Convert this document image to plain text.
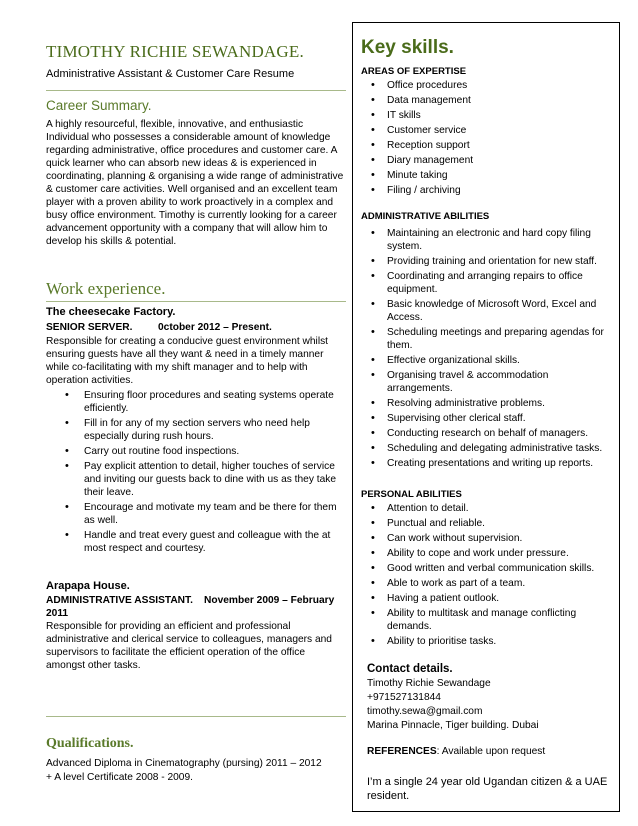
TIMOTHY RICHIE SEWANDAGE.
Administrative Assistant & Customer Care Resume
Career Summary.
A highly resourceful, flexible, innovative, and enthusiastic Individual who possesses a considerable amount of knowledge regarding administrative, office procedures and customer care. A quick learner who can absorb new ideas & is experienced in coordinating, planning & organising a wide range of administrative & customer care activities. Well organised and an excellent team player with a proven ability to work proactively in a complex and busy office environment. Timothy is currently looking for a career advancement opportunity with a company that will allow him to develop his skills & potential.
Work experience.
The cheesecake Factory.
SENIOR SERVER.	0ctober 2012 – Present.
Responsible for creating a conducive guest environment whilst ensuring guests have all they want & need in a timely manner while co-facilitating with my shift manager and to help with operation activities.
• Ensuring floor procedures and seating systems operate efficiently.
• Fill in for any of my section servers who need help especially during rush hours.
• Carry out routine food inspections.
• Pay explicit attention to detail, higher touches of service and inviting our guests back to dine with us as they take their leave.
• Encourage and motivate my team and be there for them as well.
• Handle and treat every guest and colleague with the at most respect and courtesy.
Arapapa House.
ADMINISTRATIVE ASSISTANT.	November 2009 – February 2011
Responsible for providing an efficient and professional administrative and clerical service to colleagues, managers and supervisors to facilitate the efficient operation of the office amongst other tasks.
Qualifications.
Advanced Diploma in Cinematography (pursing) 2011 – 2012
+ A level Certificate 2008 - 2009.
Key skills.
AREAS OF EXPERTISE
• Office procedures
• Data management
• IT skills
• Customer service
• Reception support
• Diary management
• Minute taking
• Filing / archiving
ADMINISTRATIVE ABILITIES
• Maintaining an electronic and hard copy filing system.
• Providing training and orientation for new staff.
• Coordinating and arranging repairs to office equipment.
• Basic knowledge of Microsoft Word, Excel and Access.
• Scheduling meetings and preparing agendas for them.
• Effective organizational skills.
• Organising travel & accommodation arrangements.
• Resolving administrative problems.
• Supervising other clerical staff.
• Conducting research on behalf of managers.
• Scheduling and delegating administrative tasks.
• Creating presentations and writing up reports.
PERSONAL ABILITIES
• Attention to detail.
• Punctual and reliable.
• Can work without supervision.
• Ability to cope and work under pressure.
• Good written and verbal communication skills.
• Able to work as part of a team.
• Having a patient outlook.
• Ability to multitask and manage conflicting demands.
• Ability to prioritise tasks.
Contact details.
Timothy Richie Sewandage
+971527131844
timothy.sewa@gmail.com
Marina Pinnacle, Tiger building. Dubai
REFERENCES: Available upon request
I’m a single 24 year old Ugandan citizen & a UAE resident.
